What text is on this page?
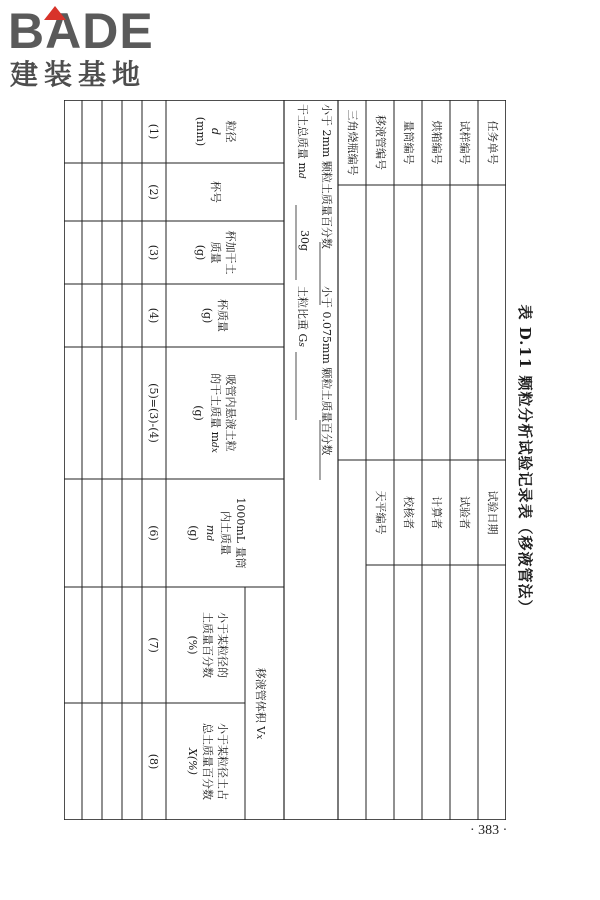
BADE
建装基地
表 D.11 颗粒分析试验记录表（移液管法）
任务单号
试样编号
烘箱编号
量筒编号
移液管编号
三角烧瓶编号
试验日期
试验者
计算者
校核者
天平编号
小于 2mm 颗粒土质量百分数
干土总质量 md
30g
小于 0.075mm 颗粒土质量百分数
土粒比重 Gs
移液管体积 Vx
粒径
d
(mm)
杯号
杯加干土
质量
(g)
杯质量
(g)
吸管内悬液土粒
的干土质量 mdx
(g)
1000mL 量筒
内土质量
md
(g)
小于某粒径的
土质量百分数
(%)
小于某粒径土占
总土质量百分数
X(%)
(1)
(2)
(3)
(4)
(5)=(3)-(4)
(6)
(7)
(8)
· 383 ·
